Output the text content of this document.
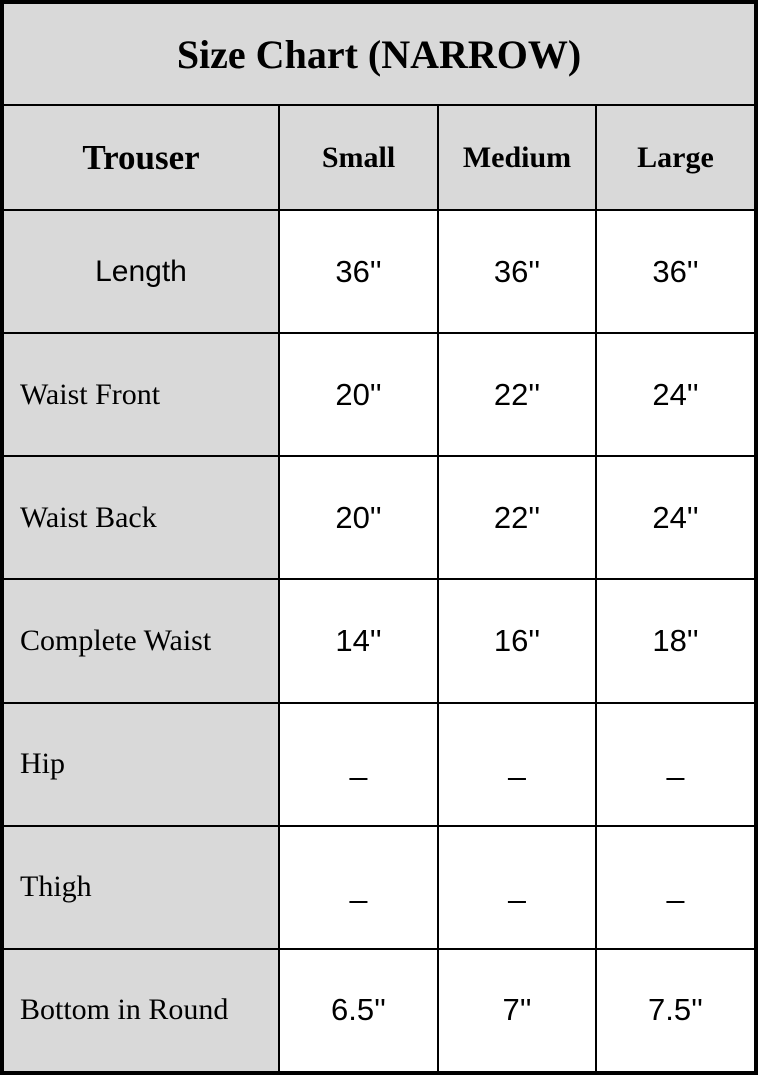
Size Chart (NARROW)
Trouser	Small	Medium	Large
Length	36''	36''	36''
Waist Front	20''	22''	24''
Waist Back	20''	22''	24''
Complete Waist	14''	16''	18''
Hip	_	_	_
Thigh	_	_	_
Bottom in Round	6.5''	7''	7.5''
